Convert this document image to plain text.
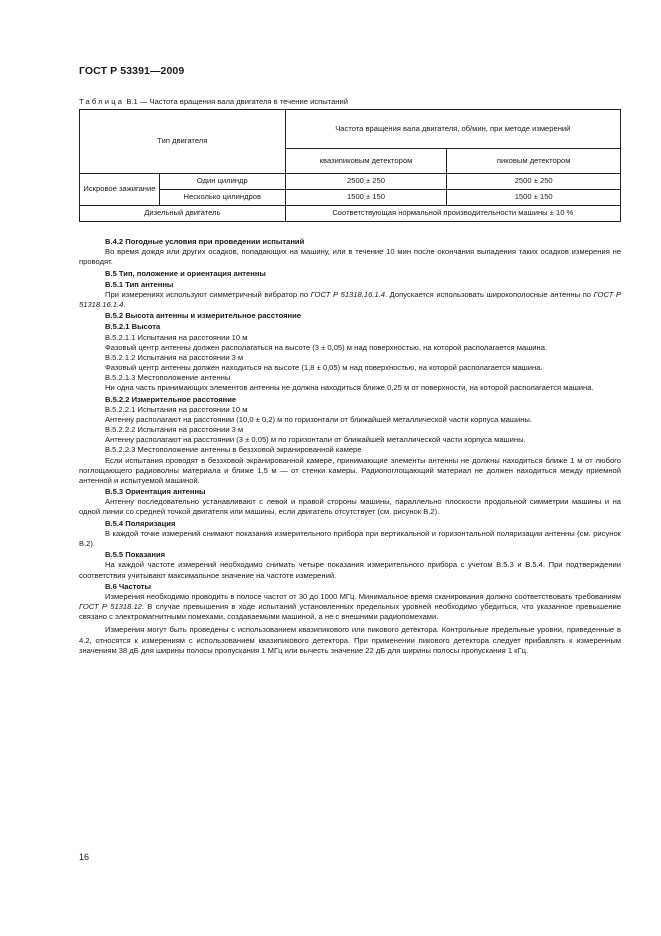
ГОСТ Р 53391—2009
Таблица В.1 — Частота вращения вала двигателя в течение испытаний
Тип двигателя		Частота вращения вала двигателя, об/мин, при методе измерений	
		квазипиковым детектором	пиковым детектором
Искровое зажигание	Один цилиндр	2500 ± 250	2500 ± 250
	Несколько цилиндров	1500 ± 150	1500 ± 150
Дизельный двигатель		Соответствующая нормальной производительности машины ± 10 %	

В.4.2 Погодные условия при проведении испытаний

Во время дождя или других осадков, попадающих на машину, или в течение 10 мин после окончания выпадения таких осадков измерения не проводят.

В.5 Тип, положение и ориентация антенны

В.5.1 Тип антенны

При измерениях используют симметричный вибратор по ГОСТ Р 51318.16.1.4. Допускается использовать широкополосные антенны по ГОСТ Р 51318.16.1.4.

В.5.2 Высота антенны и измерительное расстояние

В.5.2.1 Высота

В.5.2.1.1 Испытания на расстоянии 10 м

Фазовый центр антенны должен располагаться на высоте (3 ± 0,05) м над поверхностью, на которой располагается машина.

В.5.2.1.2 Испытания на расстоянии 3 м

Фазовый центр антенны должен находиться на высоте (1,8 ± 0,05) м над поверхностью, на которой располагается машина.

В.5.2.1.3 Местоположение антенны

Ни одна часть принимающих элементов антенны не должна находиться ближе 0,25 м от поверхности, на которой располагается машина.

В.5.2.2 Измерительное расстояние

В.5.2.2.1 Испытания на расстоянии 10 м

Антенну располагают на расстоянии (10,0 ± 0,2) м по горизонтали от ближайшей металлической части корпуса машины.

В.5.2.2.2 Испытания на расстоянии 3 м

Антенну располагают на расстоянии (3 ± 0,05) м по горизонтали от ближайшей металлической части корпуса машины.

В.5.2.2.3 Местоположение антенны в беззховой экранированной камере

Если испытания проводят в беззховой экранированной камере, принимающие элементы антенны не должны находиться ближе 1 м от любого поглощающего радиоволны материала и ближе 1,5 м — от стенки камеры. Радиопоглощающий материал не должен находиться между приемной антенной и испытуемой машиной.

В.5.3 Ориентация антенны

Антенну последовательно устанавливают с левой и правой стороны машины, параллельно плоскости продольной симметрии машины и на одной линии со средней точкой двигателя или машины, если двигатель отсутствует (см. рисунок В.2).

В.5.4 Поляризация

В каждой точке измерений снимают показания измерительного прибора при вертикальной и горизонтальной поляризации антенны (см. рисунок В.2).

В.5.5 Показания

На каждой частоте измерений необходимо снимать четыре показания измерительного прибора с учетом В.5.3 и В.5.4. При подтверждении соответствия учитывают максимальное значение на частоте измерений.

В.6 Частоты

Измерения необходимо проводить в полосе частот от 30 до 1000 МГц. Минимальное время сканирования должно соответствовать требованиям ГОСТ Р 51318.12. В случае превышения в ходе испытаний установленных предельных уровней необходимо убедиться, что указанное превышение связано с электромагнитными помехами, создаваемыми машиной, а не с внешними радиопомехами.

Измерения могут быть проведены с использованием квазипикового или пикового детектора. Контрольные предельные уровни, приведенные в 4.2, относятся к измерениям с использованием квазипикового детектора. При применении пикового детектора следует прибавлять к измеренным значениям 38 дБ для ширины полосы пропускания 1 МГц или вычесть значение 22 дБ для ширины полосы пропускания 1 кГц.

16
